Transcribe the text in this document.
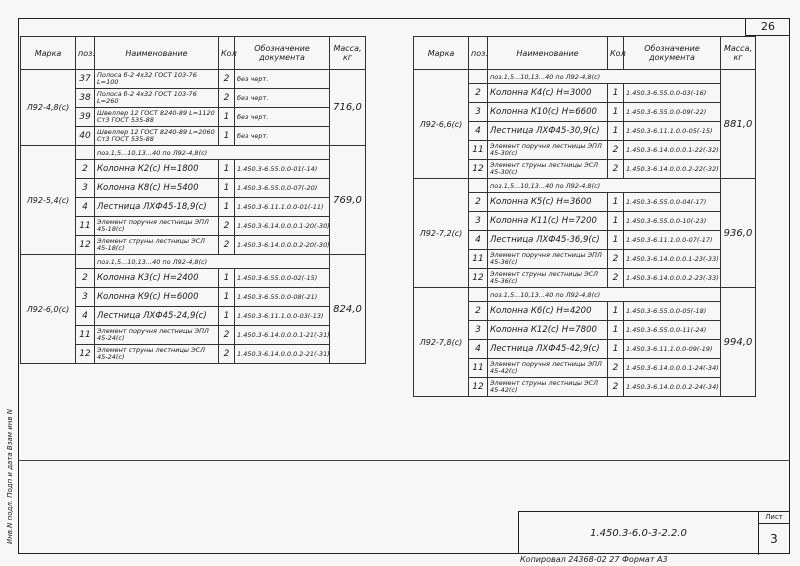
26
Инв.N подл. Подп и дата Взам инв N
Марка	поз.	Наименование	Кол	Обозначение документа	Масса, кг
Л92-4,8(с)	37	Полоса б-2 4x32 ГОСТ 103-76 L=100	2	без черт.	716,0
	38	Полоса б-2 4x32 ГОСТ 103-76 L=260	2	без черт.	
	39	Швеллер 12 ГОСТ 8240-89 L=1120 Ст3 ГОСТ 535-88	1	без черт.	
	40	Швеллер 12 ГОСТ 8240-89 L=2060 Ст3 ГОСТ 535-88	1	без черт.	
Л92-5,4(с)		поз.1,5...10,13...40 по Л92-4,8(с)			769,0
	2	Колонна К2(с) Н=1800	1	1.450.3-6.55.0.0-01(-14)	
	3	Колонна К8(с) Н=5400	1	1.450.3-6.55.0.0-07(-20)	
	4	Лестница ЛХФ45-18,9(с)	1	1.450.3-6.11.1.0.0-01(-11)	
	11	Элемент поручня лестницы ЭПЛ 45-18(с)	2	1.450.3-6.14.0.0.0.1-20(-30)	
	12	Элемент струны лестницы ЭСЛ 45-18(с)	2	1.450.3-6.14.0.0.0.2-20(-30)	
Л92-6,0(с)		поз.1,5...10,13...40 по Л92-4,8(с)			824,0
	2	Колонна К3(с) Н=2400	1	1.450.3-6.55.0.0-02(-15)	
	3	Колонна К9(с) Н=6000	1	1.450.3-6.55.0.0-08(-21)	
	4	Лестница ЛХФ45-24,9(с)	1	1.450.3-6.11.1.0.0-03(-13)	
	11	Элемент поручня лестницы ЭПЛ 45-24(с)	2	1.450.3-6.14.0.0.0.1-21(-31)	
	12	Элемент струны лестницы ЭСЛ 45-24(с)	2	1.450.3-6.14.0.0.0.2-21(-31)	
Марка	поз.	Наименование	Кол	Обозначение документа	Масса, кг
Л92-6,6(с)		поз.1,5...10,13...40 по Л92-4,8(с)			881,0
	2	Колонна К4(с) Н=3000	1	1.450.3-6.55.0.0-03(-16)	
	3	Колонна К10(с) Н=6600	1	1.450.3-6.55.0.0-09(-22)	
	4	Лестница ЛХФ45-30,9(с)	1	1.450.3-6.11.1.0.0-05(-15)	
	11	Элемент поручня лестницы ЭПЛ 45-30(с)	2	1.450.3-6.14.0.0.0.1-22(-32)	
	12	Элемент струны лестницы ЭСЛ 45-30(с)	2	1.450.3-6.14.0.0.0.2-22(-32)	
Л92-7,2(с)		поз.1,5...10,13...40 по Л92-4,8(с)			936,0
	2	Колонна К5(с) Н=3600	1	1.450.3-6.55.0.0-04(-17)	
	3	Колонна К11(с) Н=7200	1	1.450.3-6.55.0.0-10(-23)	
	4	Лестница ЛХФ45-36,9(с)	1	1.450.3-6.11.1.0.0-07(-17)	
	11	Элемент поручня лестницы ЭПЛ 45-36(с)	2	1.450.3-6.14.0.0.0.1-23(-33)	
	12	Элемент струны лестницы ЭСЛ 45-36(с)	2	1.450.3-6.14.0.0.0.2-23(-33)	
Л92-7,8(с)		поз.1,5...10,13...40 по Л92-4,8(с)			994,0
	2	Колонна К6(с) Н=4200	1	1.450.3-6.55.0.0-05(-18)	
	3	Колонна К12(с) Н=7800	1	1.450.3-6.55.0.0-11(-24)	
	4	Лестница ЛХФ45-42,9(с)	1	1.450.3-6.11.1.0.0-09(-19)	
	11	Элемент поручня лестницы ЭПЛ 45-42(с)	2	1.450.3-6.14.0.0.0.1-24(-34)	
	12	Элемент струны лестницы ЭСЛ 45-42(с)	2	1.450.3-6.14.0.0.0.2-24(-34)	
1.450.3-6.0-3-2.2.0
Лист
3
Копировал 24368-02 27 Формат А3
